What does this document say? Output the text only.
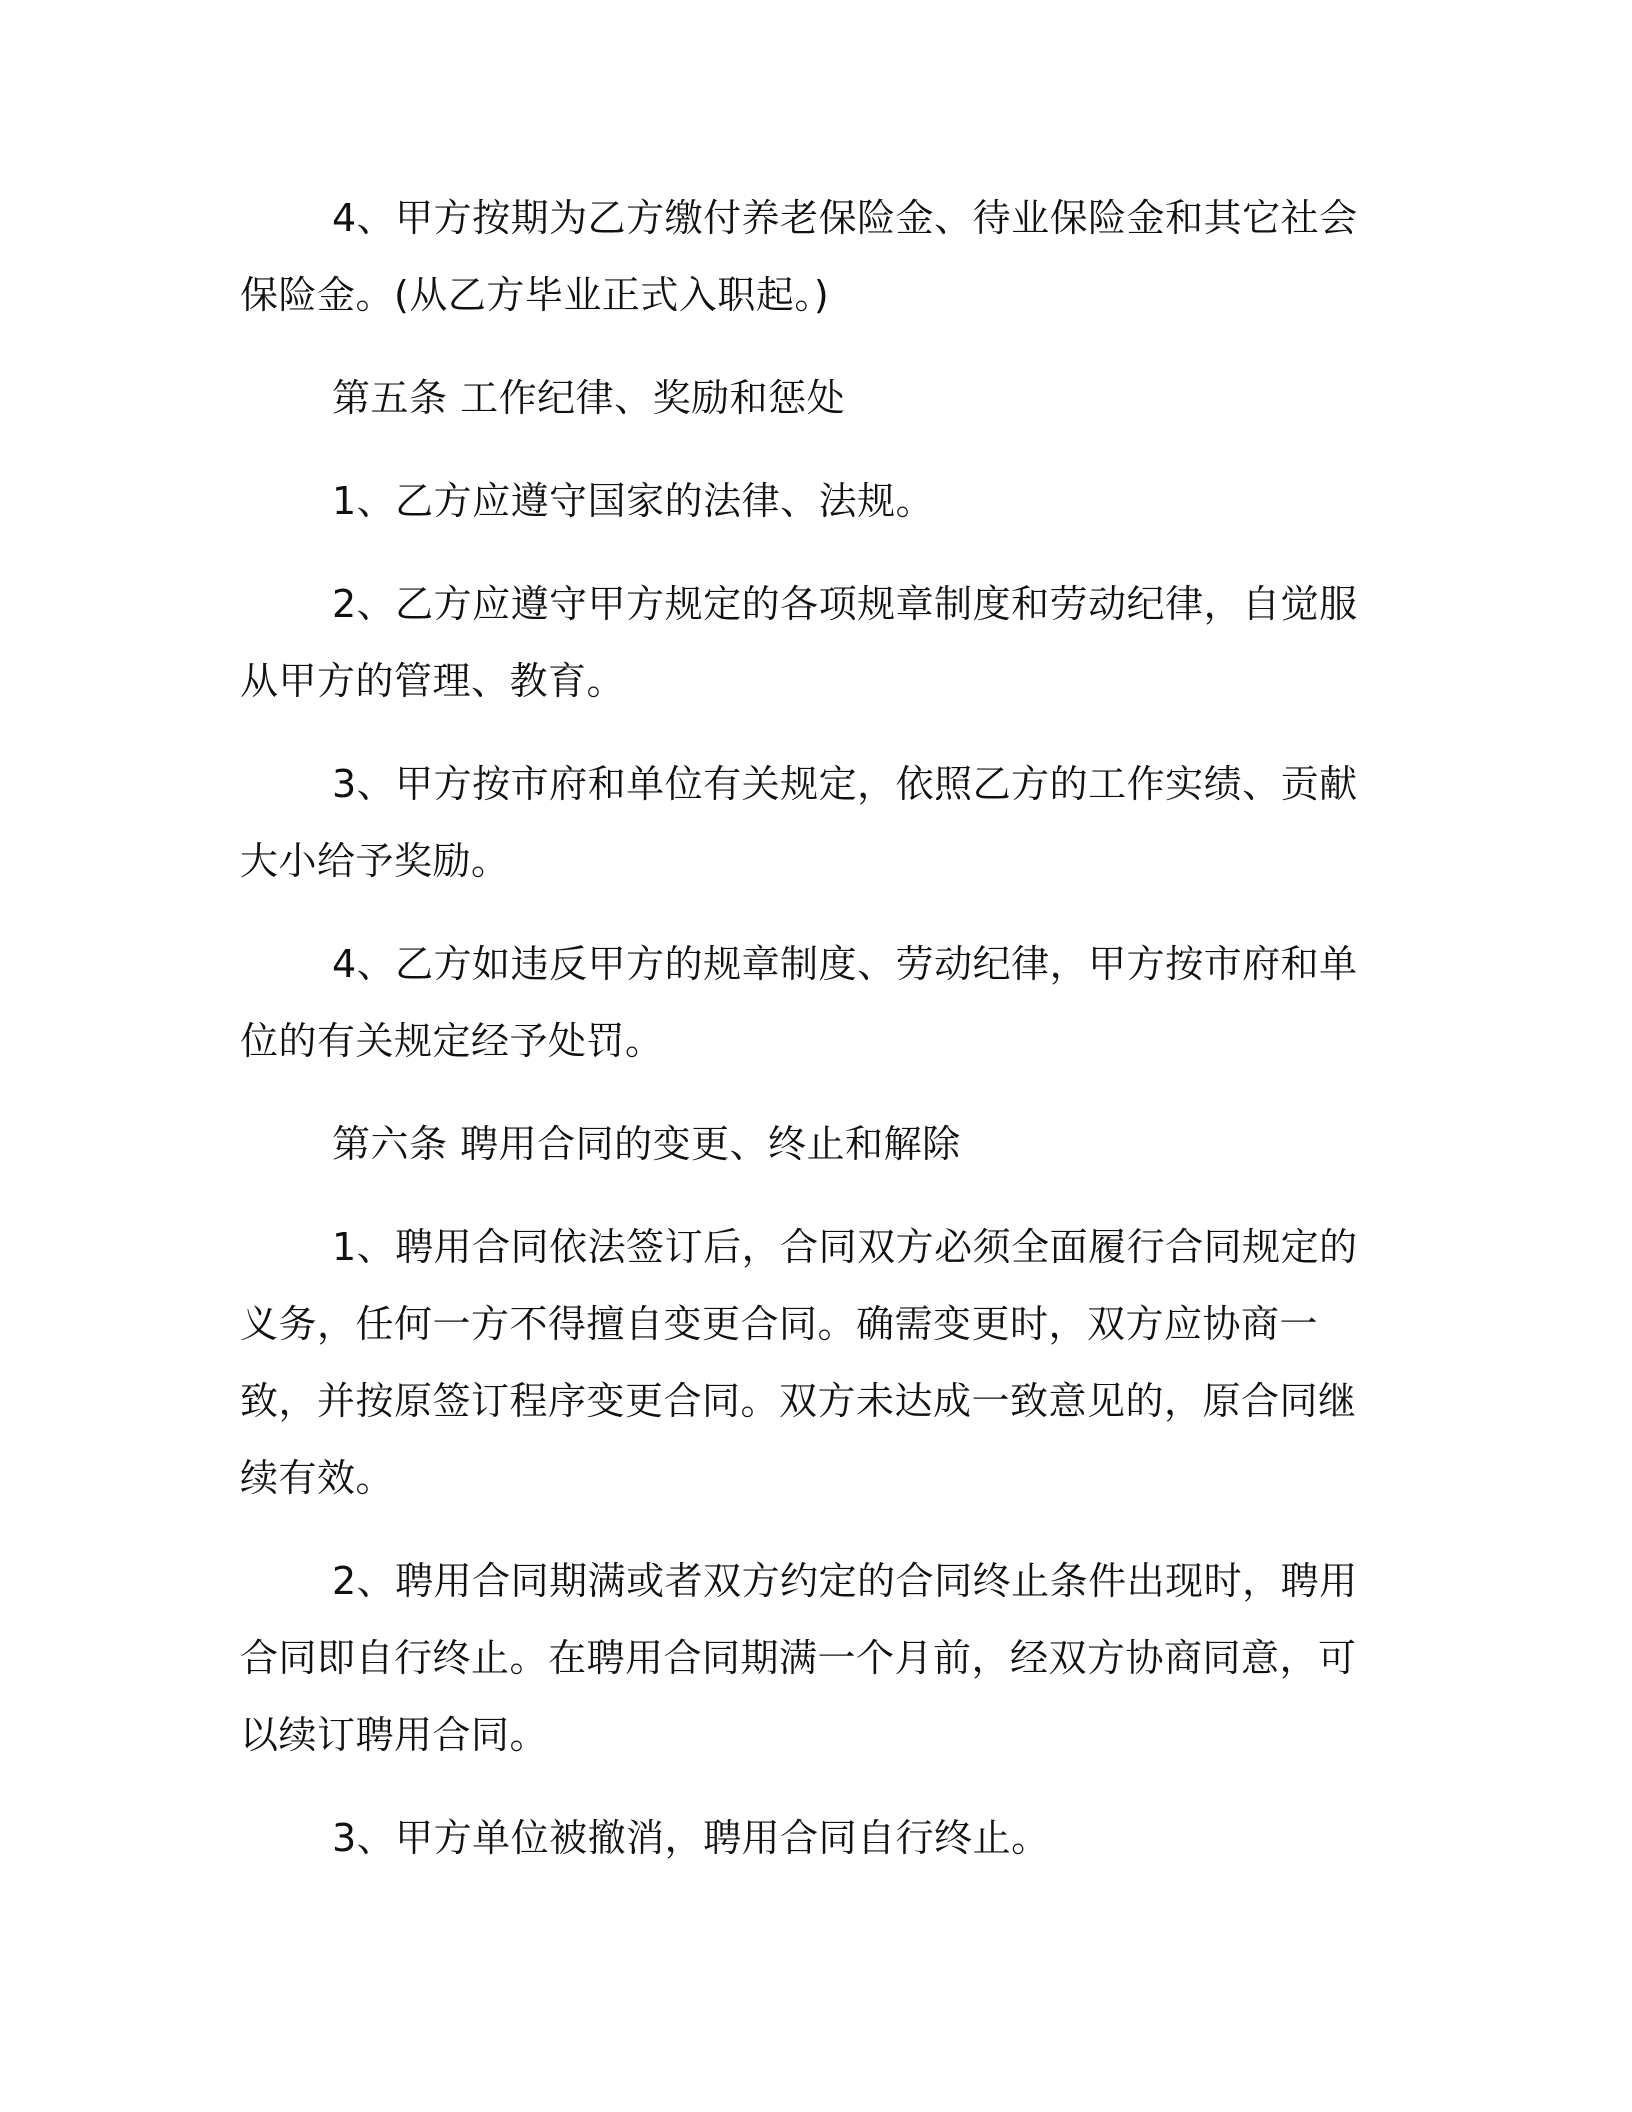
4、甲方按期为乙方缴付养老保险金、待业保险金和其它社会保险金。(从乙方毕业正式入职起。)

第五条 工作纪律、奖励和惩处

1、乙方应遵守国家的法律、法规。

2、乙方应遵守甲方规定的各项规章制度和劳动纪律，自觉服从甲方的管理、教育。

3、甲方按市府和单位有关规定，依照乙方的工作实绩、贡献大小给予奖励。

4、乙方如违反甲方的规章制度、劳动纪律，甲方按市府和单位的有关规定经予处罚。

第六条 聘用合同的变更、终止和解除

1、聘用合同依法签订后，合同双方必须全面履行合同规定的义务，任何一方不得擅自变更合同。确需变更时，双方应协商一致，并按原签订程序变更合同。双方未达成一致意见的，原合同继续有效。

2、聘用合同期满或者双方约定的合同终止条件出现时，聘用合同即自行终止。在聘用合同期满一个月前，经双方协商同意，可以续订聘用合同。

3、甲方单位被撤消，聘用合同自行终止。
